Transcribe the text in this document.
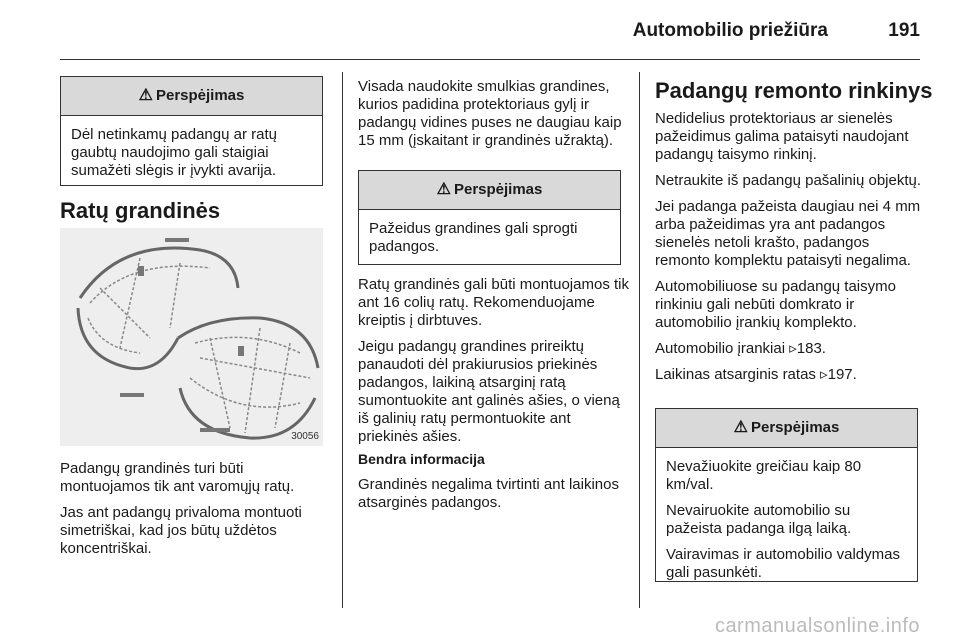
Automobilio priežiūra	191
⚠ Perspėjimas

Dėl netinkamų padangų ar ratų gaubtų naudojimo gali staigiai sumažėti slėgis ir įvykti avarija.

Ratų grandinės
30056

Padangų grandinės turi būti montuojamos tik ant varomųjų ratų.

Jas ant padangų privaloma montuoti simetriškai, kad jos būtų uždėtos koncentriškai.

Visada naudokite smulkias grandines, kurios padidina protektoriaus gylį ir padangų vidines puses ne daugiau kaip 15 mm (įskaitant ir grandinės užraktą).

⚠ Perspėjimas

Pažeidus grandines gali sprogti padangos.

Ratų grandinės gali būti montuojamos tik ant 16 colių ratų. Rekomenduojame kreiptis į dirbtuves.

Jeigu padangų grandines prireiktų panaudoti dėl prakiurusios priekinės padangos, laikiną atsarginį ratą sumontuokite ant galinės ašies, o vieną iš galinių ratų permontuokite ant priekinės ašies.

Bendra informacija

Grandinės negalima tvirtinti ant laikinos atsarginės padangos.

Padangų remonto rinkinys

Nedidelius protektoriaus ar sienelės pažeidimus galima pataisyti naudojant padangų taisymo rinkinį.

Netraukite iš padangų pašalinių objektų.

Jei padanga pažeista daugiau nei 4 mm arba pažeidimas yra ant padangos sienelės netoli krašto, padangos remonto komplektu pataisyti negalima.

Automobiliuose su padangų taisymo rinkiniu gali nebūti domkrato ir automobilio įrankių komplekto.

Automobilio įrankiai ▹183.

Laikinas atsarginis ratas ▹197.

⚠ Perspėjimas

Nevažiuokite greičiau kaip 80 km/val.

Nevairuokite automobilio su pažeista padanga ilgą laiką.

Vairavimas ir automobilio valdymas gali pasunkėti.

carmanualsonline.info
